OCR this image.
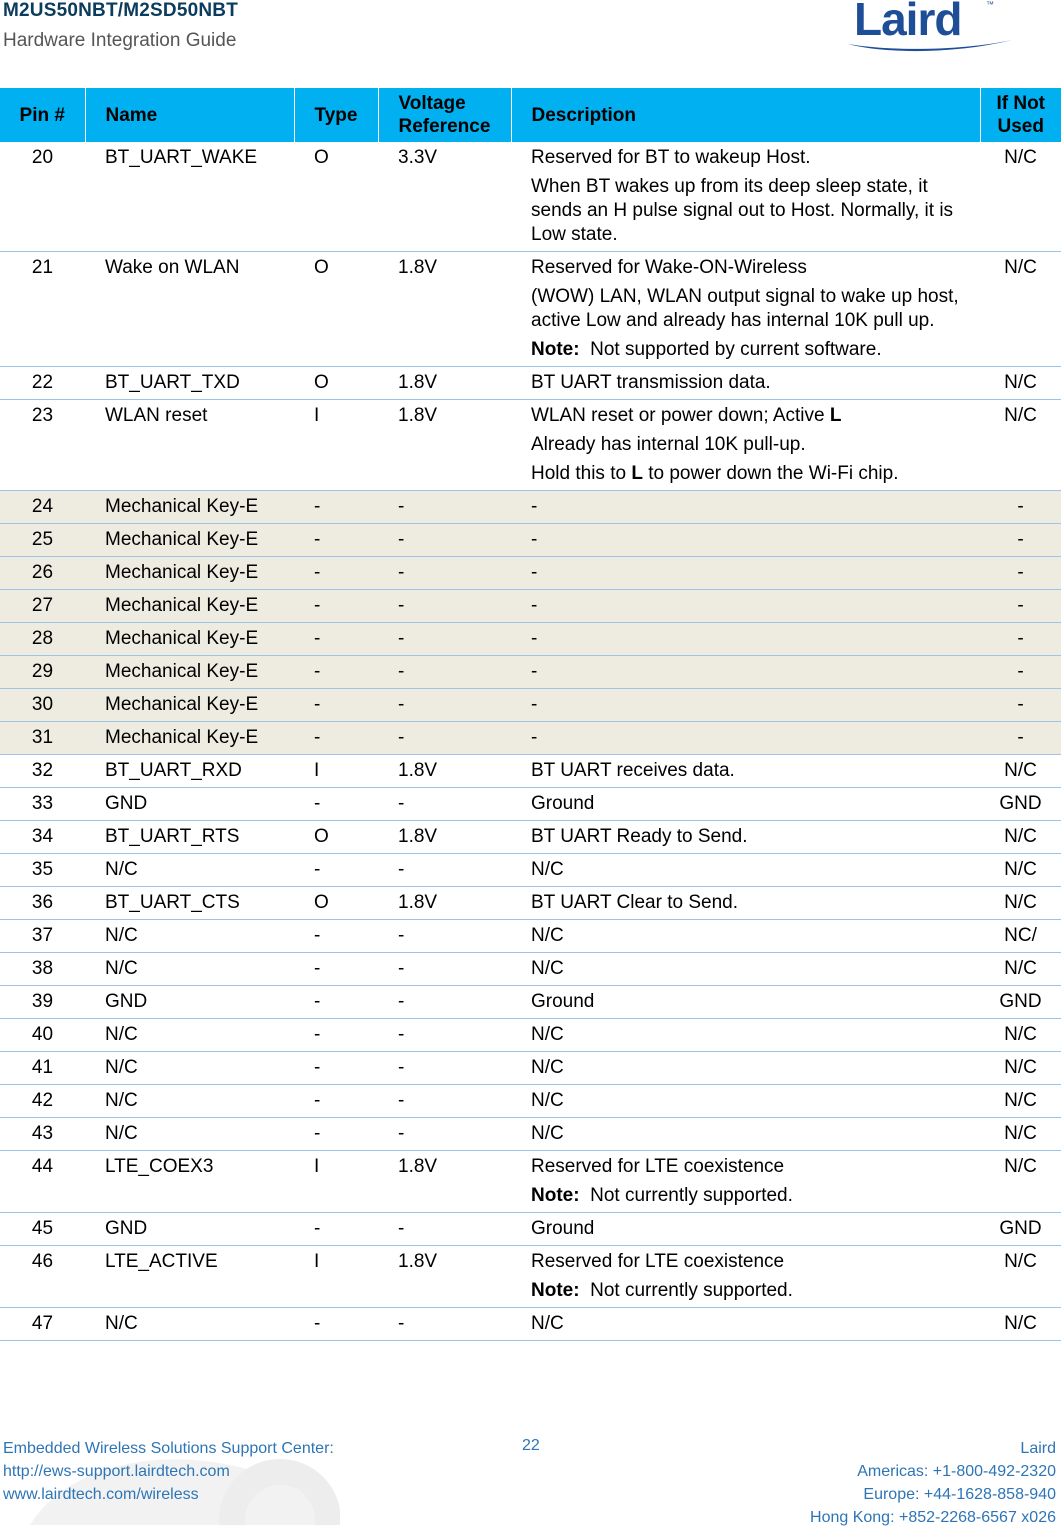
M2US50NBT/M2SD50NBT
Hardware Integration Guide	Laird	™
Pin #	Name	Type	Voltage Reference	Description	If Not Used
20	BT_UART_WAKE	O	3.3V	Reserved for BT to wakeup Host.
When BT wakes up from its deep sleep state, it sends an H pulse signal out to Host. Normally, it is Low state.	N/C
21	Wake on WLAN	O	1.8V	Reserved for Wake-ON-Wireless
(WOW) LAN, WLAN output signal to wake up host, active Low and already has internal 10K pull up.
Note: Not supported by current software.	N/C
22	BT_UART_TXD	O	1.8V	BT UART transmission data.	N/C
23	WLAN reset	I	1.8V	WLAN reset or power down; Active L
Already has internal 10K pull-up.
Hold this to L to power down the Wi-Fi chip.	N/C
24	Mechanical Key-E	-	-	-	-
25	Mechanical Key-E	-	-	-	-
26	Mechanical Key-E	-	-	-	-
27	Mechanical Key-E	-	-	-	-
28	Mechanical Key-E	-	-	-	-
29	Mechanical Key-E	-	-	-	-
30	Mechanical Key-E	-	-	-	-
31	Mechanical Key-E	-	-	-	-
32	BT_UART_RXD	I	1.8V	BT UART receives data.	N/C
33	GND	-	-	Ground	GND
34	BT_UART_RTS	O	1.8V	BT UART Ready to Send.	N/C
35	N/C	-	-	N/C	N/C
36	BT_UART_CTS	O	1.8V	BT UART Clear to Send.	N/C
37	N/C	-	-	N/C	NC/
38	N/C	-	-	N/C	N/C
39	GND	-	-	Ground	GND
40	N/C	-	-	N/C	N/C
41	N/C	-	-	N/C	N/C
42	N/C	-	-	N/C	N/C
43	N/C	-	-	N/C	N/C
44	LTE_COEX3	I	1.8V	Reserved for LTE coexistence
Note: Not currently supported.	N/C
45	GND	-	-	Ground	GND
46	LTE_ACTIVE	I	1.8V	Reserved for LTE coexistence
Note: Not currently supported.	N/C
47	N/C	-	-	N/C	N/C
Embedded Wireless Solutions Support Center:
http://ews-support.lairdtech.com
www.lairdtech.com/wireless
22	Laird
Americas: +1-800-492-2320
Europe: +44-1628-858-940
Hong Kong: +852-2268-6567 x026
